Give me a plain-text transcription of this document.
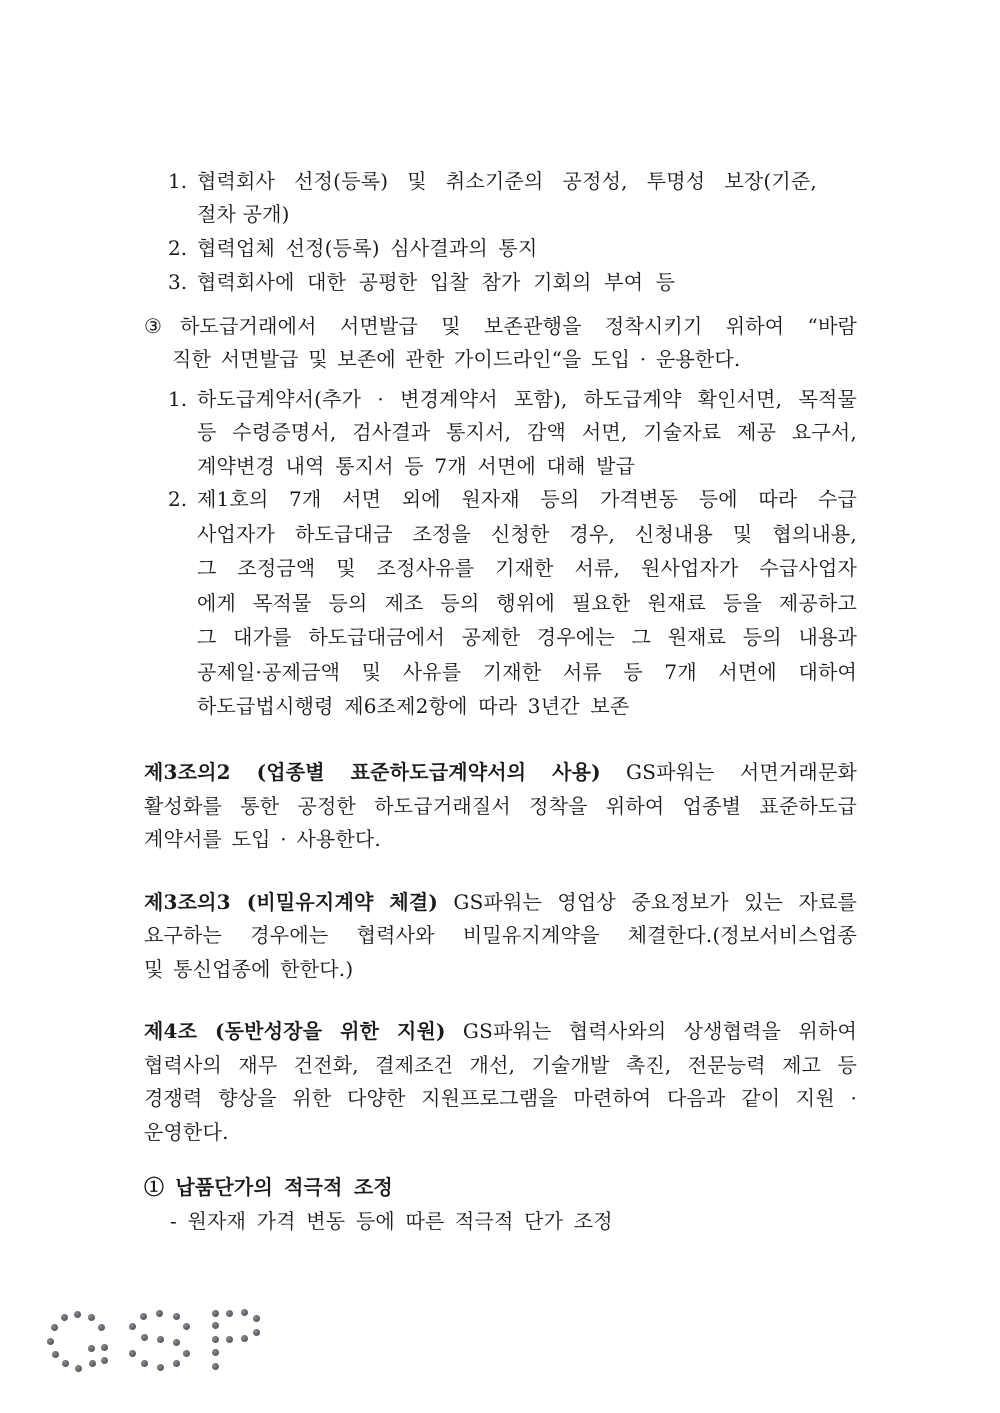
1. 협력회사 선정(등록) 및 취소기준의 공정성, 투명성 보장(기준,
절차 공개)
2. 협력업체 선정(등록) 심사결과의 통지
3. 협력회사에 대한 공평한 입찰 참가 기회의 부여 등
③ 하도급거래에서 서면발급 및 보존관행을 정착시키기 위하여 “바람
직한 서면발급 및 보존에 관한 가이드라인“을 도입 · 운용한다.
1. 하도급계약서(추가 · 변경계약서 포함), 하도급계약 확인서면, 목적물
등 수령증명서, 검사결과 통지서, 감액 서면, 기술자료 제공 요구서,
계약변경 내역 통지서 등 7개 서면에 대해 발급
2. 제1호의 7개 서면 외에 원자재 등의 가격변동 등에 따라 수급
사업자가 하도급대금 조정을 신청한 경우, 신청내용 및 협의내용,
그 조정금액 및 조정사유를 기재한 서류, 원사업자가 수급사업자
에게 목적물 등의 제조 등의 행위에 필요한 원재료 등을 제공하고
그 대가를 하도급대금에서 공제한 경우에는 그 원재료 등의 내용과
공제일·공제금액 및 사유를 기재한 서류 등 7개 서면에 대하여
하도급법시행령 제6조제2항에 따라 3년간 보존
제3조의2 (업종별 표준하도급계약서의 사용) GS파워는 서면거래문화
활성화를 통한 공정한 하도급거래질서 정착을 위하여 업종별 표준하도급
계약서를 도입 · 사용한다.
제3조의3 (비밀유지계약 체결) GS파워는 영업상 중요정보가 있는 자료를
요구하는 경우에는 협력사와 비밀유지계약을 체결한다.(정보서비스업종
및 통신업종에 한한다.)
제4조 (동반성장을 위한 지원) GS파워는 협력사와의 상생협력을 위하여
협력사의 재무 건전화, 결제조건 개선, 기술개발 촉진, 전문능력 제고 등
경쟁력 향상을 위한 다양한 지원프로그램을 마련하여 다음과 같이 지원 ·
운영한다.
① 납품단가의 적극적 조정
- 원자재 가격 변동 등에 따른 적극적 단가 조정
